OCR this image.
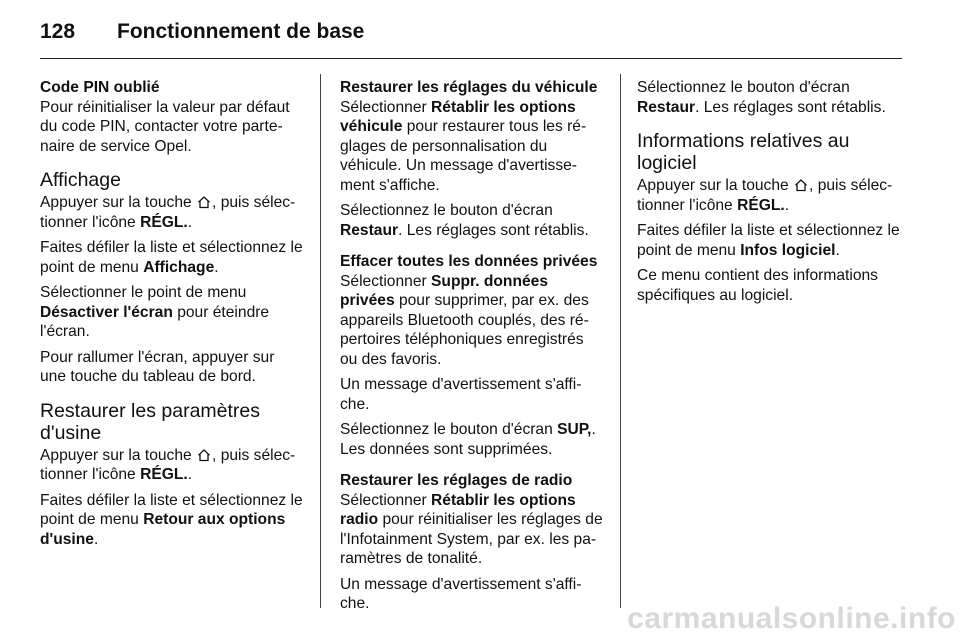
128 Fonctionnement de base

Code PIN oublié
Pour réinitialiser la valeur par défaut
du code PIN, contacter votre parte-
naire de service Opel.

Affichage

Appuyer sur la touche , puis sélec-
tionner l'icône RÉGL..

Faites défiler la liste et sélectionnez le
point de menu Affichage.

Sélectionner le point de menu
Désactiver l'écran pour éteindre
l'écran.

Pour rallumer l'écran, appuyer sur
une touche du tableau de bord.

Restaurer les paramètres
d'usine

Appuyer sur la touche , puis sélec-
tionner l'icône RÉGL..

Faites défiler la liste et sélectionnez le
point de menu Retour aux options
d'usine.

Restaurer les réglages du véhicule

Sélectionner Rétablir les options
véhicule pour restaurer tous les ré-
glages de personnalisation du
véhicule. Un message d'avertisse-
ment s'affiche.

Sélectionnez le bouton d'écran
Restaur. Les réglages sont rétablis.

Effacer toutes les données privées

Sélectionner Suppr. données
privées pour supprimer, par ex. des
appareils Bluetooth couplés, des ré-
pertoires téléphoniques enregistrés
ou des favoris.

Un message d'avertissement s'affi-
che.

Sélectionnez le bouton d'écran SUP,.
Les données sont supprimées.

Restaurer les réglages de radio

Sélectionner Rétablir les options
radio pour réinitialiser les réglages de
l'Infotainment System, par ex. les pa-
ramètres de tonalité.

Un message d'avertissement s'affi-
che.

Sélectionnez le bouton d'écran
Restaur. Les réglages sont rétablis.

Informations relatives au logiciel

Appuyer sur la touche , puis sélec-
tionner l'icône RÉGL..

Faites défiler la liste et sélectionnez le
point de menu Infos logiciel.

Ce menu contient des informations
spécifiques au logiciel.

carmanualsonline.info
